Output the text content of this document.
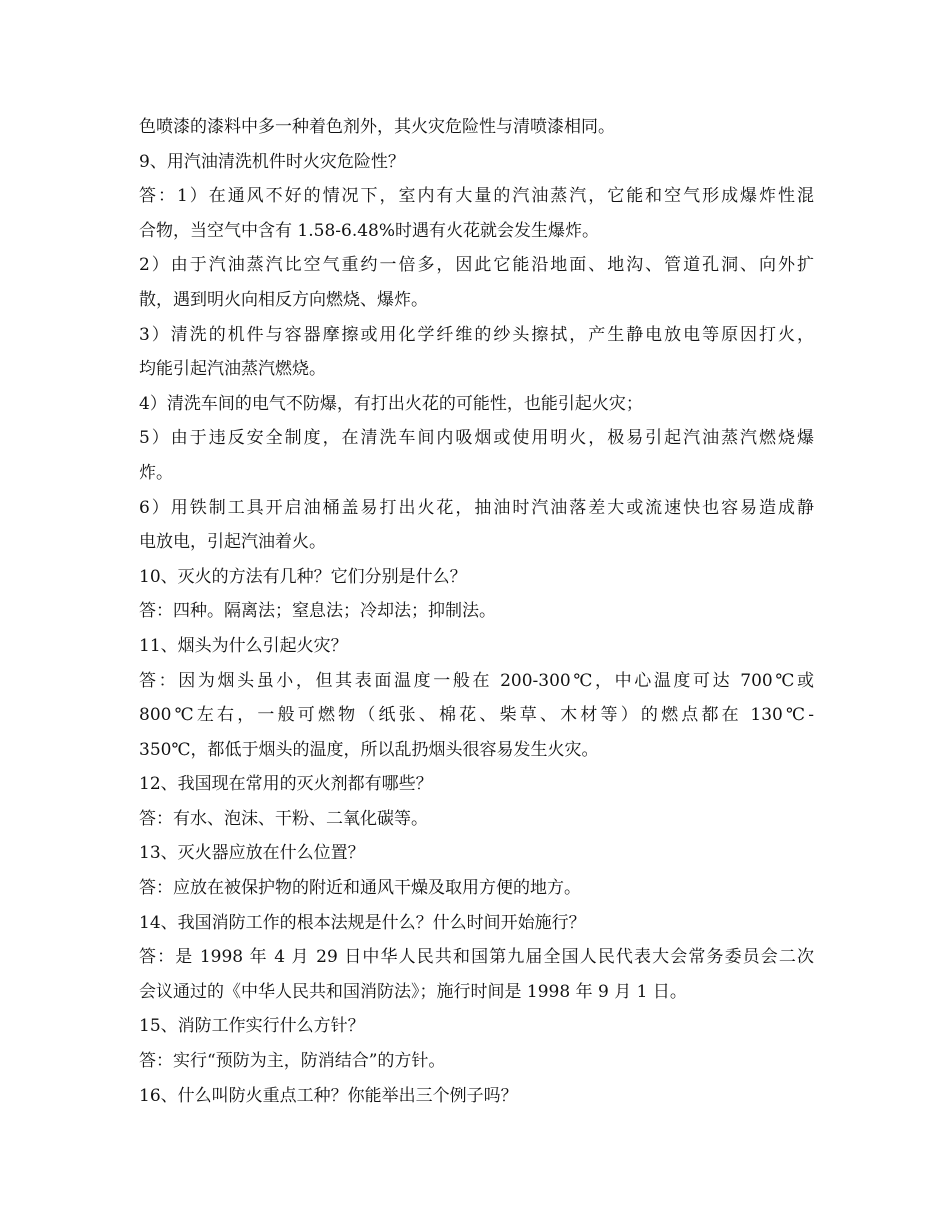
色喷漆的漆料中多一种着色剂外，其火灾危险性与清喷漆相同。
9、用汽油清洗机件时火灾危险性？
答：1）在通风不好的情况下，室内有大量的汽油蒸汽，它能和空气形成爆炸性混
合物，当空气中含有 1.58-6.48%时遇有火花就会发生爆炸。
2）由于汽油蒸汽比空气重约一倍多，因此它能沿地面、地沟、管道孔洞、向外扩
散，遇到明火向相反方向燃烧、爆炸。
3）清洗的机件与容器摩擦或用化学纤维的纱头擦拭，产生静电放电等原因打火，
均能引起汽油蒸汽燃烧。
4）清洗车间的电气不防爆，有打出火花的可能性，也能引起火灾；
5）由于违反安全制度，在清洗车间内吸烟或使用明火，极易引起汽油蒸汽燃烧爆
炸。
6）用铁制工具开启油桶盖易打出火花，抽油时汽油落差大或流速快也容易造成静
电放电，引起汽油着火。
10、灭火的方法有几种？它们分别是什么？
答：四种。隔离法；窒息法；冷却法；抑制法。
11、烟头为什么引起火灾？
答：因为烟头虽小，但其表面温度一般在 200-300℃，中心温度可达 700℃或
800℃左右，一般可燃物（纸张、棉花、柴草、木材等）的燃点都在 130℃-
350℃，都低于烟头的温度，所以乱扔烟头很容易发生火灾。
12、我国现在常用的灭火剂都有哪些？
答：有水、泡沫、干粉、二氧化碳等。
13、灭火器应放在什么位置？
答：应放在被保护物的附近和通风干燥及取用方便的地方。
14、我国消防工作的根本法规是什么？什么时间开始施行？
答：是 1998 年 4 月 29 日中华人民共和国第九届全国人民代表大会常务委员会二次
会议通过的《中华人民共和国消防法》；施行时间是 1998 年 9 月 1 日。
15、消防工作实行什么方针？
答：实行“预防为主，防消结合”的方针。
16、什么叫防火重点工种？你能举出三个例子吗？
